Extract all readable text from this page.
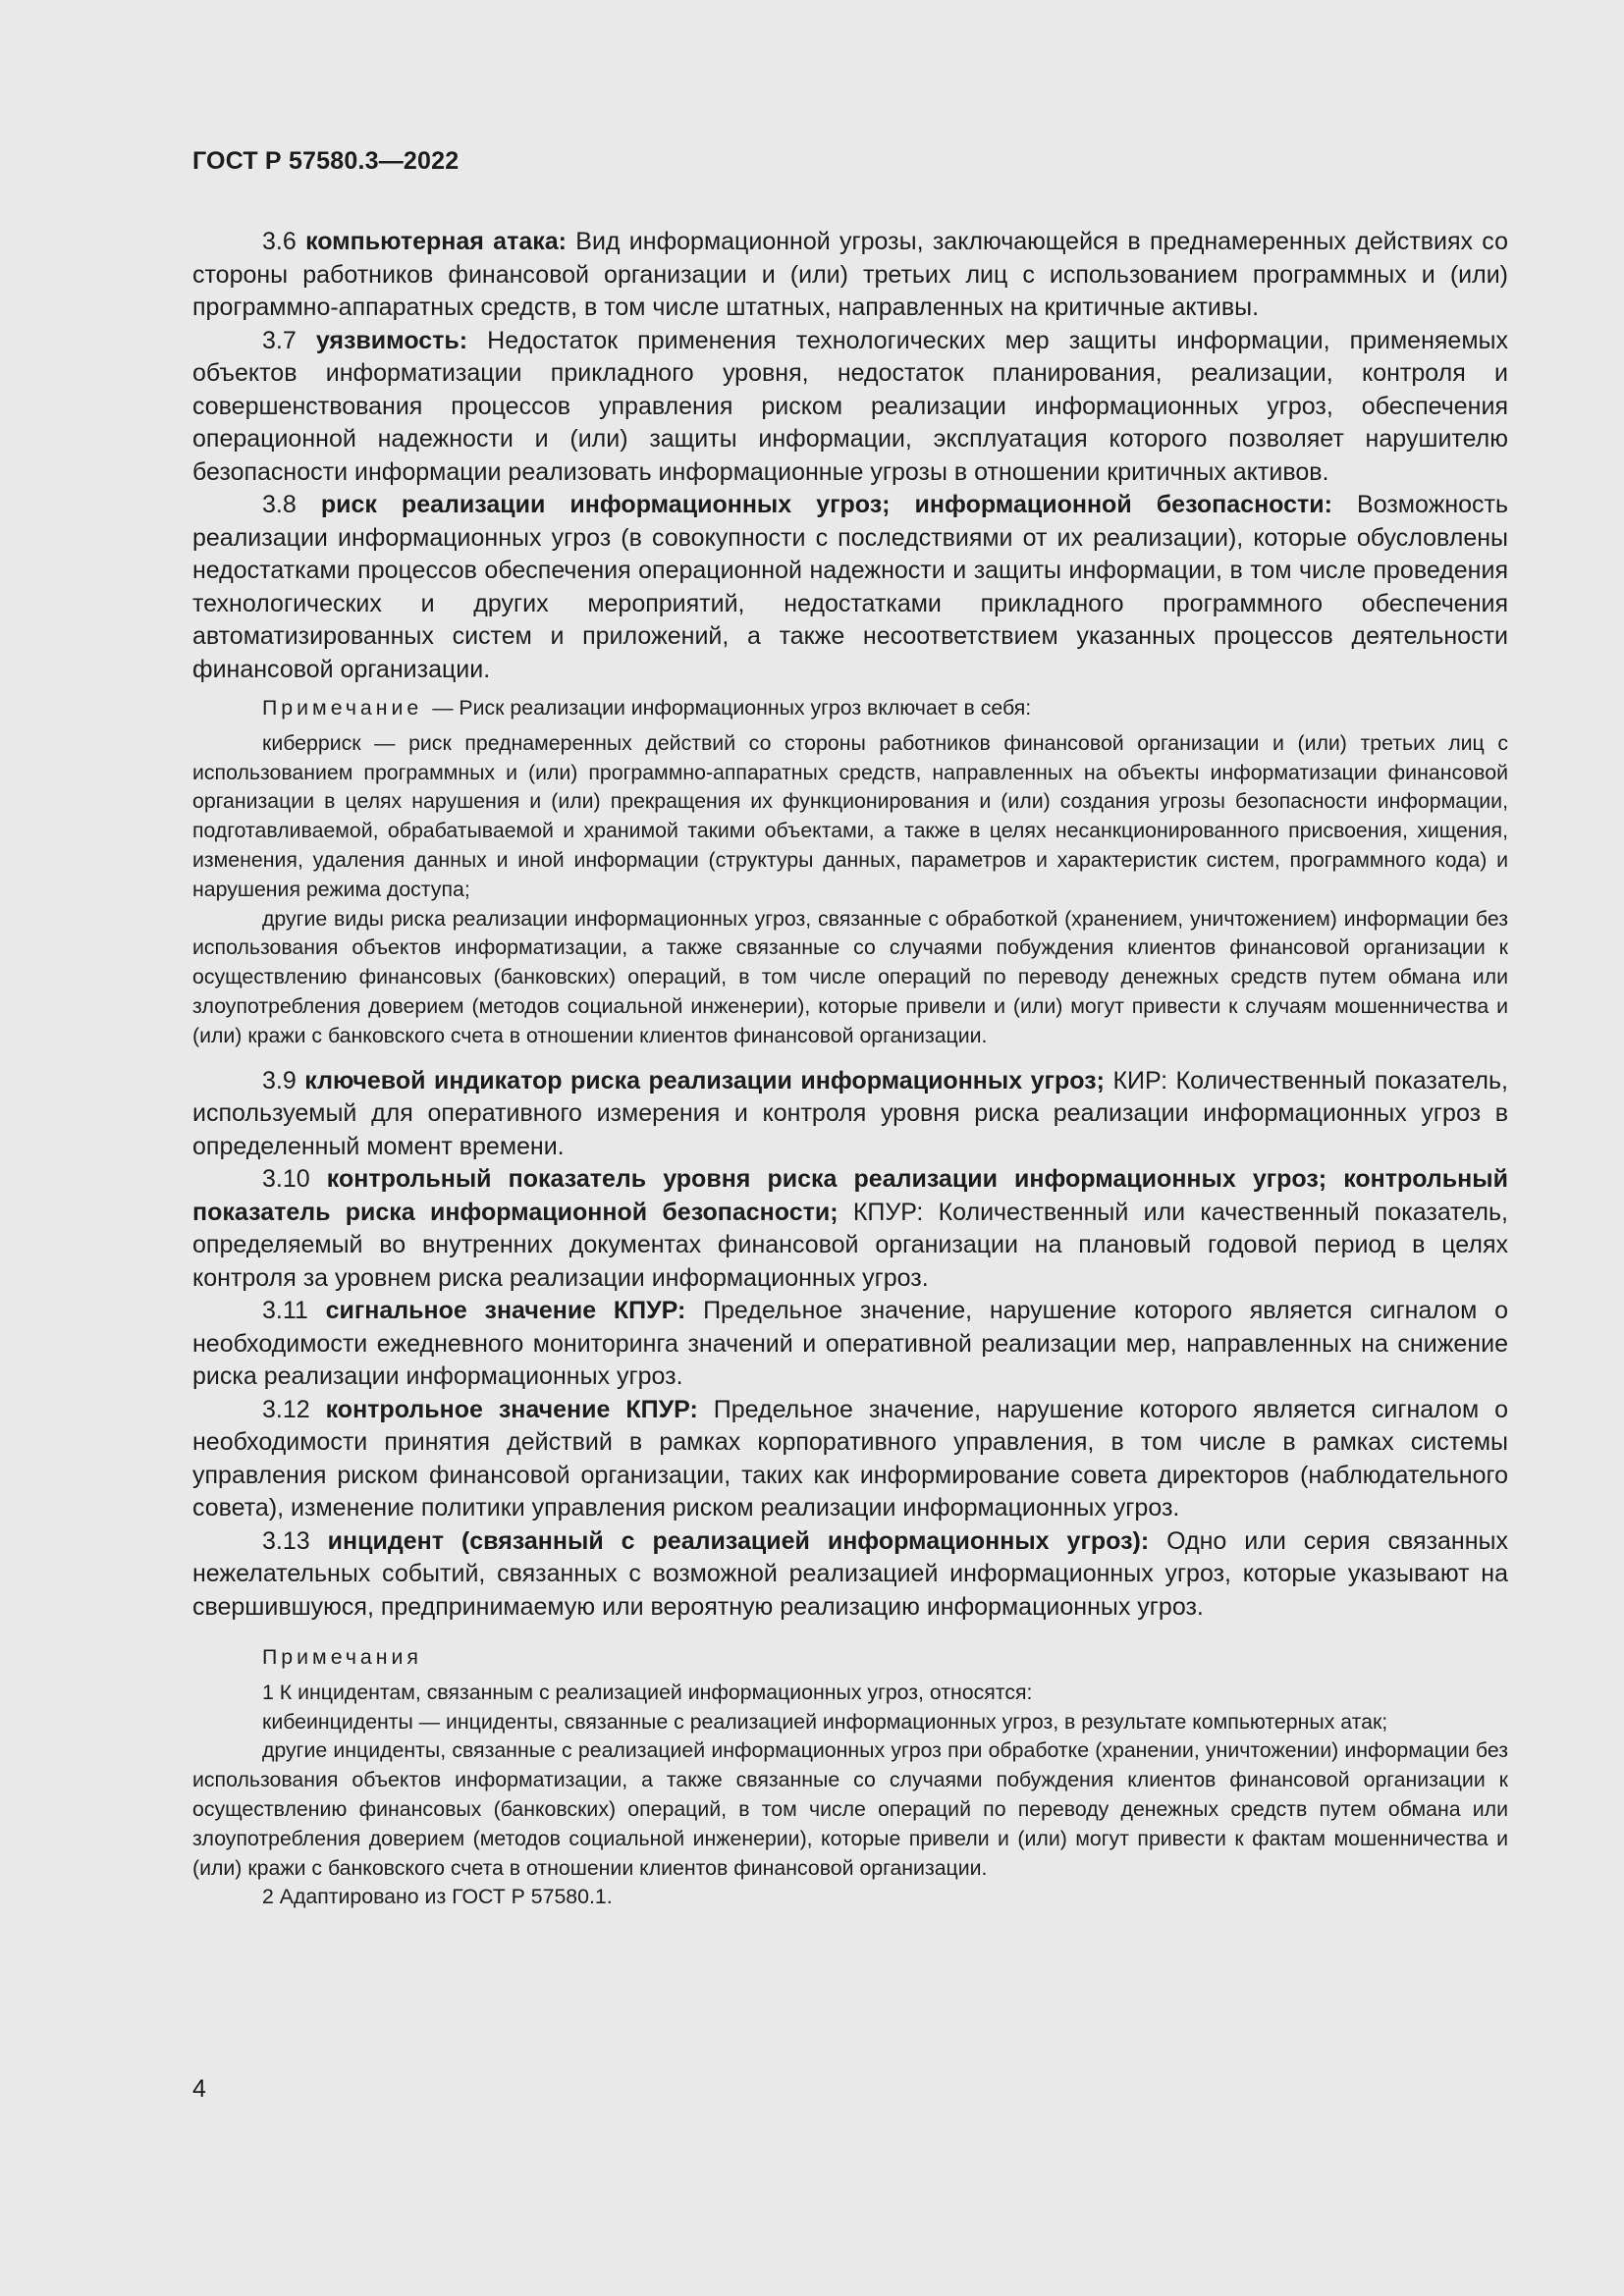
ГОСТ Р 57580.3—2022

3.6 компьютерная атака: Вид информационной угрозы, заключающейся в преднамеренных действиях со стороны работников финансовой организации и (или) третьих лиц с использованием программных и (или) программно-аппаратных средств, в том числе штатных, направленных на критичные активы.

3.7 уязвимость: Недостаток применения технологических мер защиты информации, применяемых объектов информатизации прикладного уровня, недостаток планирования, реализации, контроля и совершенствования процессов управления риском реализации информационных угроз, обеспечения операционной надежности и (или) защиты информации, эксплуатация которого позволяет нарушителю безопасности информации реализовать информационные угрозы в отношении критичных активов.

3.8 риск реализации информационных угроз; информационной безопасности: Возможность реализации информационных угроз (в совокупности с последствиями от их реализации), которые обусловлены недостатками процессов обеспечения операционной надежности и защиты информации, в том числе проведения технологических и других мероприятий, недостатками прикладного программного обеспечения автоматизированных систем и приложений, а также несоответствием указанных процессов деятельности финансовой организации.

Примечание — Риск реализации информационных угроз включает в себя:

киберриск — риск преднамеренных действий со стороны работников финансовой организации и (или) третьих лиц с использованием программных и (или) программно-аппаратных средств, направленных на объекты информатизации финансовой организации в целях нарушения и (или) прекращения их функционирования и (или) создания угрозы безопасности информации, подготавливаемой, обрабатываемой и хранимой такими объектами, а также в целях несанкционированного присвоения, хищения, изменения, удаления данных и иной информации (структуры данных, параметров и характеристик систем, программного кода) и нарушения режима доступа;

другие виды риска реализации информационных угроз, связанные с обработкой (хранением, уничтожением) информации без использования объектов информатизации, а также связанные со случаями побуждения клиентов финансовой организации к осуществлению финансовых (банковских) операций, в том числе операций по переводу денежных средств путем обмана или злоупотребления доверием (методов социальной инженерии), которые привели и (или) могут привести к случаям мошенничества и (или) кражи с банковского счета в отношении клиентов финансовой организации.

3.9 ключевой индикатор риска реализации информационных угроз; КИР: Количественный показатель, используемый для оперативного измерения и контроля уровня риска реализации информационных угроз в определенный момент времени.

3.10 контрольный показатель уровня риска реализации информационных угроз; контрольный показатель риска информационной безопасности; КПУР: Количественный или качественный показатель, определяемый во внутренних документах финансовой организации на плановый годовой период в целях контроля за уровнем риска реализации информационных угроз.

3.11 сигнальное значение КПУР: Предельное значение, нарушение которого является сигналом о необходимости ежедневного мониторинга значений и оперативной реализации мер, направленных на снижение риска реализации информационных угроз.

3.12 контрольное значение КПУР: Предельное значение, нарушение которого является сигналом о необходимости принятия действий в рамках корпоративного управления, в том числе в рамках системы управления риском финансовой организации, таких как информирование совета директоров (наблюдательного совета), изменение политики управления риском реализации информационных угроз.

3.13 инцидент (связанный с реализацией информационных угроз): Одно или серия связанных нежелательных событий, связанных с возможной реализацией информационных угроз, которые указывают на свершившуюся, предпринимаемую или вероятную реализацию информационных угроз.

Примечания

1 К инцидентам, связанным с реализацией информационных угроз, относятся:

кибеинциденты — инциденты, связанные с реализацией информационных угроз, в результате компьютерных атак;

другие инциденты, связанные с реализацией информационных угроз при обработке (хранении, уничтожении) информации без использования объектов информатизации, а также связанные со случаями побуждения клиентов финансовой организации к осуществлению финансовых (банковских) операций, в том числе операций по переводу денежных средств путем обмана или злоупотребления доверием (методов социальной инженерии), которые привели и (или) могут привести к фактам мошенничества и (или) кражи с банковского счета в отношении клиентов финансовой организации.

2 Адаптировано из ГОСТ Р 57580.1.

4
